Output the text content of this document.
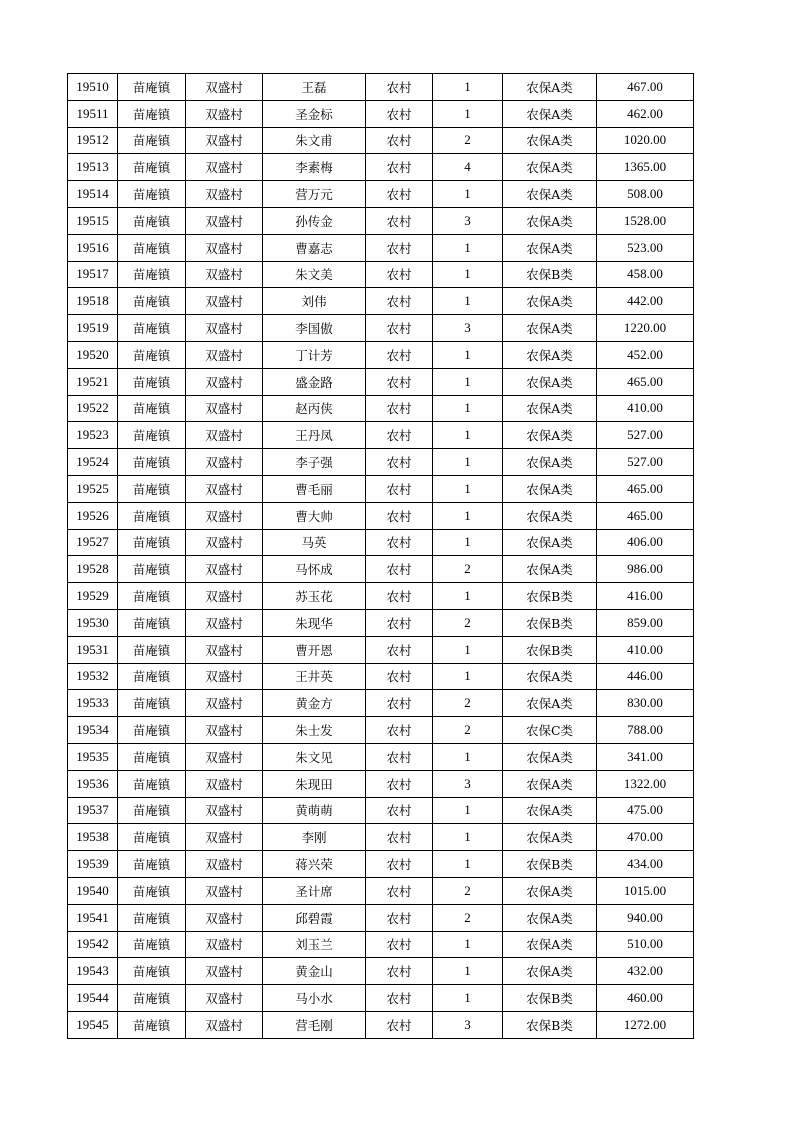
19510	苗庵镇	双盛村	王磊	农村	1	农保A类	467.00
19511	苗庵镇	双盛村	圣金标	农村	1	农保A类	462.00
19512	苗庵镇	双盛村	朱文甫	农村	2	农保A类	1020.00
19513	苗庵镇	双盛村	李素梅	农村	4	农保A类	1365.00
19514	苗庵镇	双盛村	营万元	农村	1	农保A类	508.00
19515	苗庵镇	双盛村	孙传金	农村	3	农保A类	1528.00
19516	苗庵镇	双盛村	曹嘉志	农村	1	农保A类	523.00
19517	苗庵镇	双盛村	朱文美	农村	1	农保B类	458.00
19518	苗庵镇	双盛村	刘伟	农村	1	农保A类	442.00
19519	苗庵镇	双盛村	李国傲	农村	3	农保A类	1220.00
19520	苗庵镇	双盛村	丁计芳	农村	1	农保A类	452.00
19521	苗庵镇	双盛村	盛金路	农村	1	农保A类	465.00
19522	苗庵镇	双盛村	赵丙侠	农村	1	农保A类	410.00
19523	苗庵镇	双盛村	王丹凤	农村	1	农保A类	527.00
19524	苗庵镇	双盛村	李子强	农村	1	农保A类	527.00
19525	苗庵镇	双盛村	曹毛丽	农村	1	农保A类	465.00
19526	苗庵镇	双盛村	曹大帅	农村	1	农保A类	465.00
19527	苗庵镇	双盛村	马英	农村	1	农保A类	406.00
19528	苗庵镇	双盛村	马怀成	农村	2	农保A类	986.00
19529	苗庵镇	双盛村	苏玉花	农村	1	农保B类	416.00
19530	苗庵镇	双盛村	朱现华	农村	2	农保B类	859.00
19531	苗庵镇	双盛村	曹开恩	农村	1	农保B类	410.00
19532	苗庵镇	双盛村	王井英	农村	1	农保A类	446.00
19533	苗庵镇	双盛村	黄金方	农村	2	农保A类	830.00
19534	苗庵镇	双盛村	朱士发	农村	2	农保C类	788.00
19535	苗庵镇	双盛村	朱文见	农村	1	农保A类	341.00
19536	苗庵镇	双盛村	朱现田	农村	3	农保A类	1322.00
19537	苗庵镇	双盛村	黄萌萌	农村	1	农保A类	475.00
19538	苗庵镇	双盛村	李刚	农村	1	农保A类	470.00
19539	苗庵镇	双盛村	蒋兴荣	农村	1	农保B类	434.00
19540	苗庵镇	双盛村	圣计席	农村	2	农保A类	1015.00
19541	苗庵镇	双盛村	邱碧霞	农村	2	农保A类	940.00
19542	苗庵镇	双盛村	刘玉兰	农村	1	农保A类	510.00
19543	苗庵镇	双盛村	黄金山	农村	1	农保A类	432.00
19544	苗庵镇	双盛村	马小水	农村	1	农保B类	460.00
19545	苗庵镇	双盛村	营毛刚	农村	3	农保B类	1272.00
